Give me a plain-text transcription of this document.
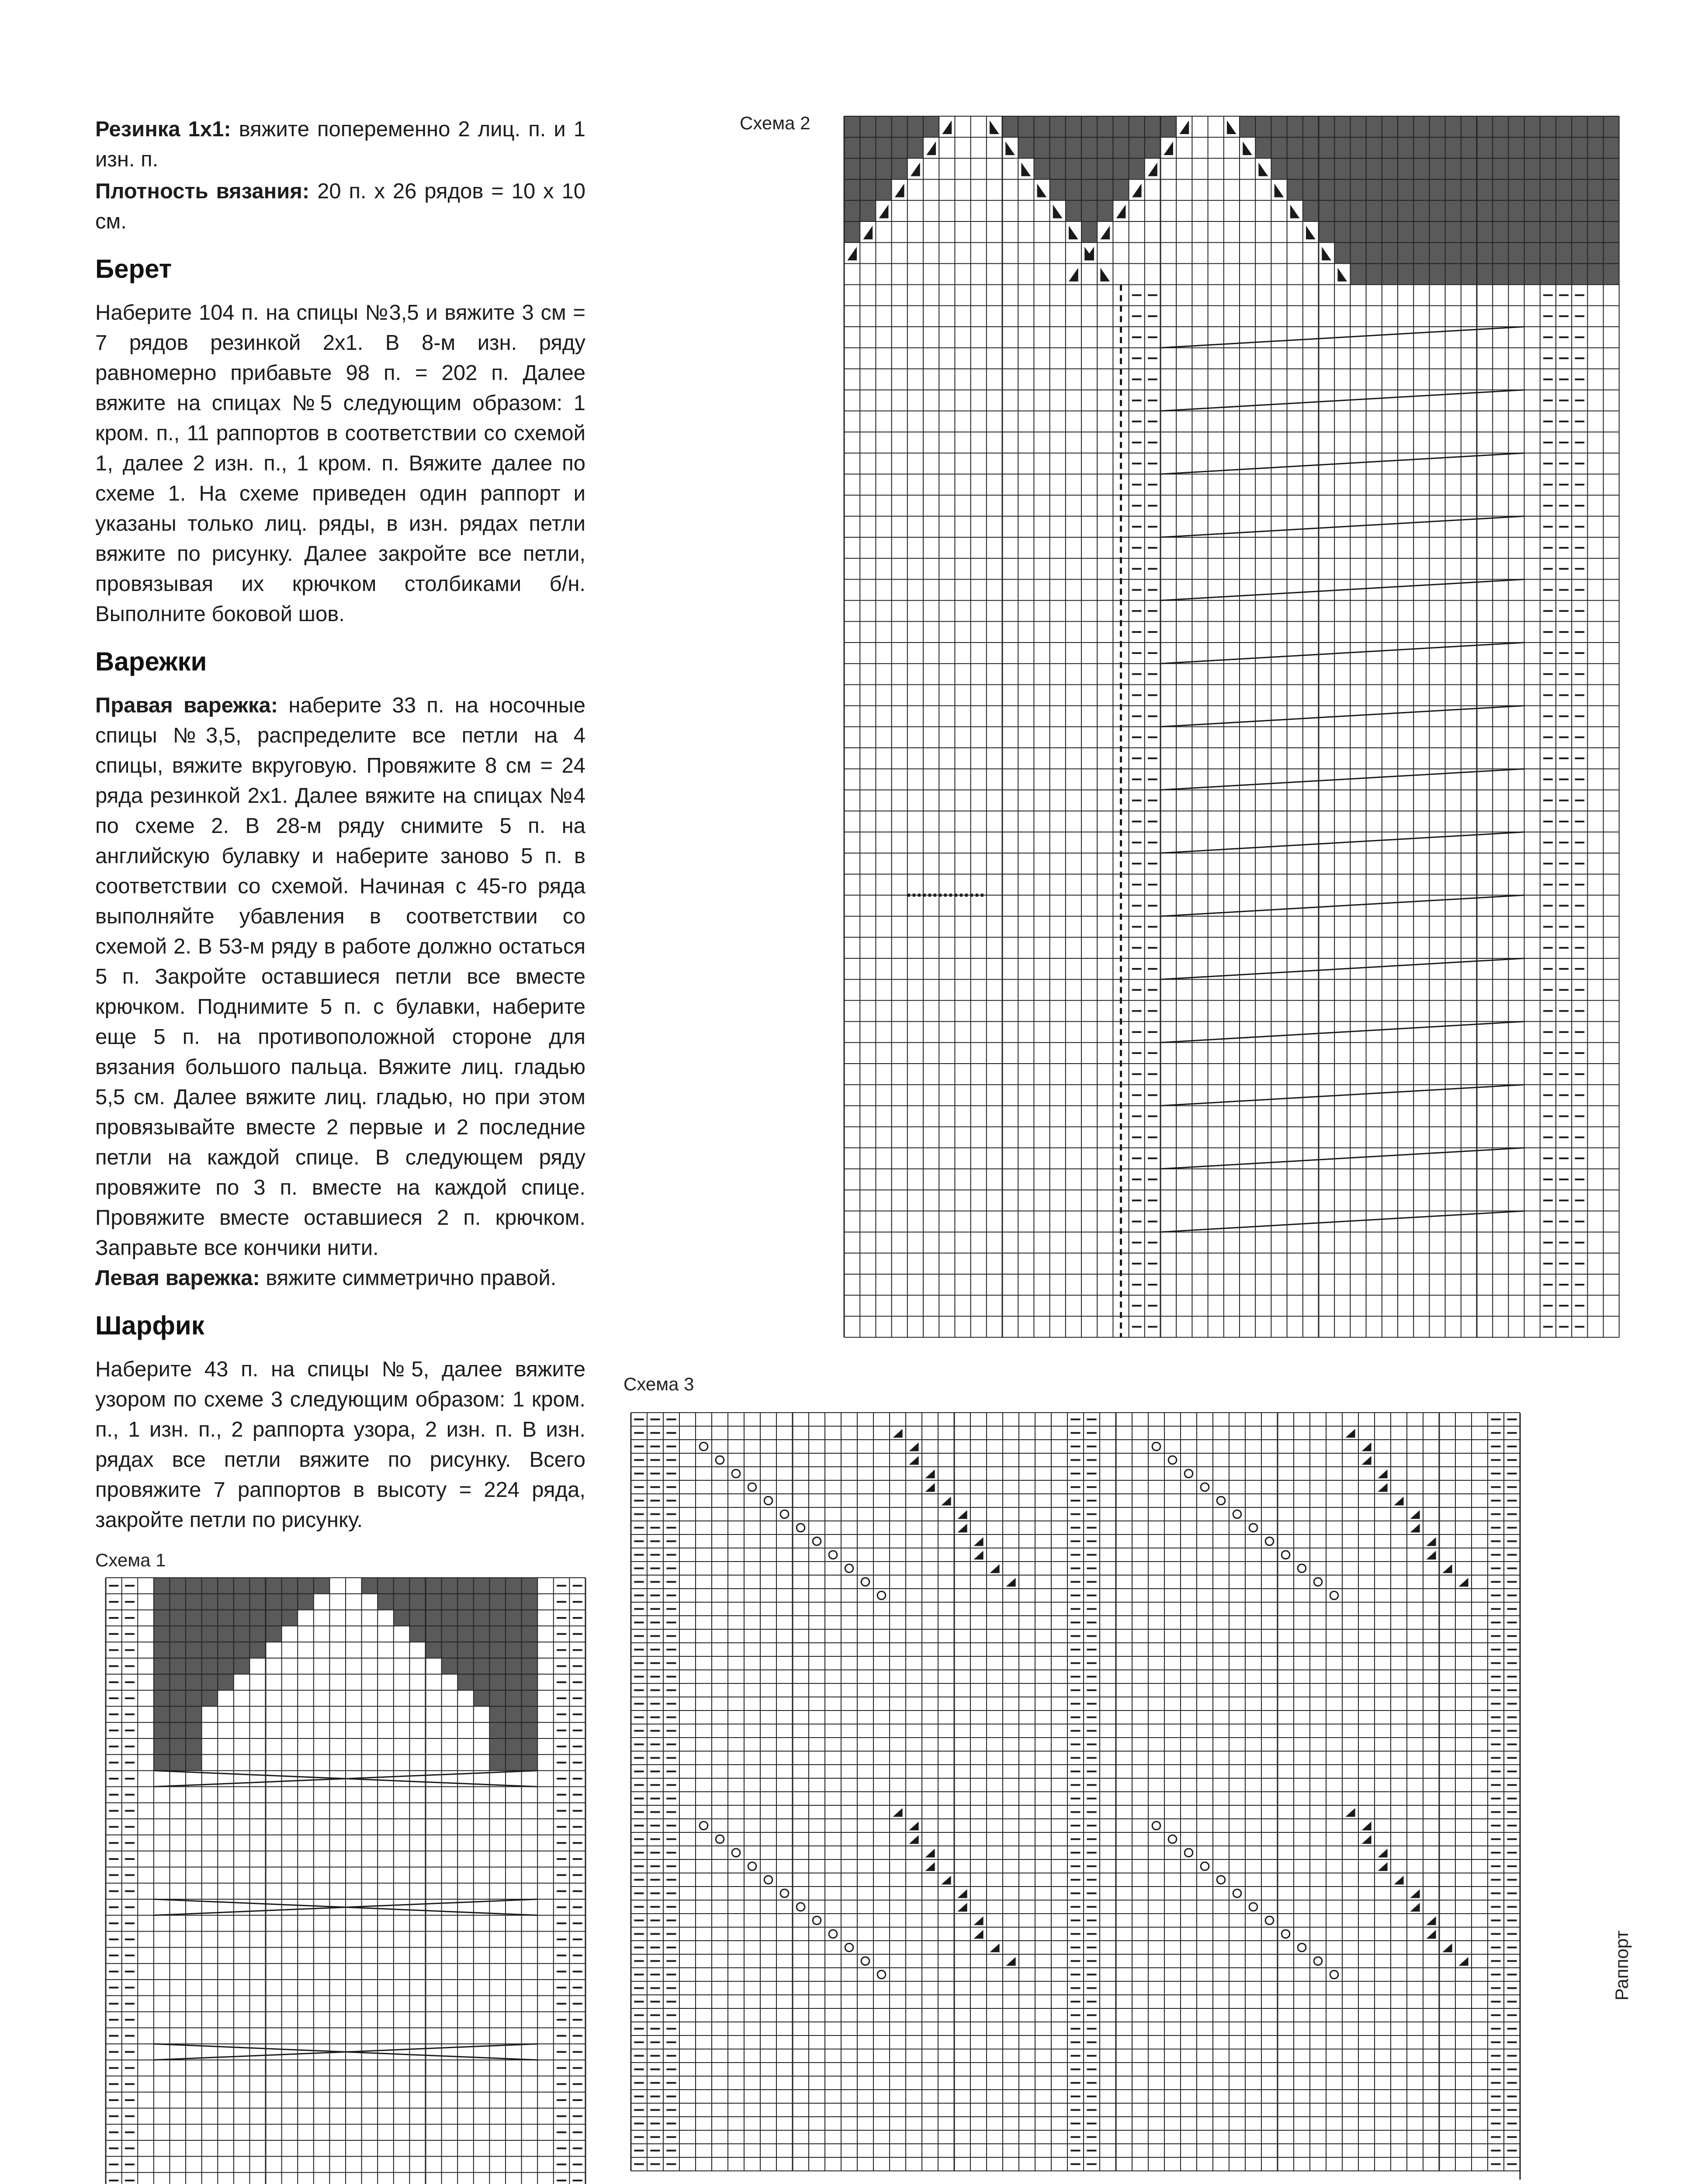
Резинка 1x1: вяжите попеременно 2 лиц. п. и 1 изн. п.

Плотность вязания: 20 п. x 26 рядов = 10 x 10 см.

Берет

Наберите 104 п. на спицы №3,5 и вяжите 3 см = 7 рядов резинкой 2x1. В 8-м изн. ряду равномерно прибавьте 98 п. = 202 п. Далее вяжите на спицах №5 следующим образом: 1 кром. п., 11 раппортов в соответствии со схемой 1, далее 2 изн. п., 1 кром. п. Вяжите далее по схеме 1. На схеме приведен один раппорт и указаны только лиц. ряды, в изн. рядах петли вяжите по рисунку. Далее закройте все петли, провязывая их крючком столбиками б/н. Выполните боковой шов.

Варежки

Правая варежка: наберите 33 п. на носочные спицы №3,5, распределите все петли на 4 спицы, вяжите вкруговую. Провяжите 8 см = 24 ряда резинкой 2x1. Далее вяжите на спицах №4 по схеме 2. В 28-м ряду снимите 5 п. на английскую булавку и наберите заново 5 п. в соответствии со схемой. Начиная с 45-го ряда выполняйте убавления в соответствии со схемой 2. В 53-м ряду в работе должно остаться 5 п. Закройте оставшиеся петли все вместе крючком. Поднимите 5 п. с булавки, наберите еще 5 п. на противоположной стороне для вязания большого пальца. Вяжите лиц. гладью 5,5 см. Далее вяжите лиц. гладью, но при этом провязывайте вместе 2 первые и 2 последние петли на каждой спице. В следующем ряду провяжите по 3 п. вместе на каждой спице. Провяжите вместе оставшиеся 2 п. крючком. Заправьте все кончики нити.

Левая варежка: вяжите симметрично правой.

Шарфик

Наберите 43 п. на спицы №5, далее вяжите узором по схеме 3 следующим образом: 1 кром. п., 1 изн. п., 2 раппорта узора, 2 изн. п. В изн. рядах все петли вяжите по рисунку. Всего провяжите 7 раппортов в высоту = 224 ряда, закройте петли по рисунку.

Схема 2
Схема 3
Раппорт
Схема 1
